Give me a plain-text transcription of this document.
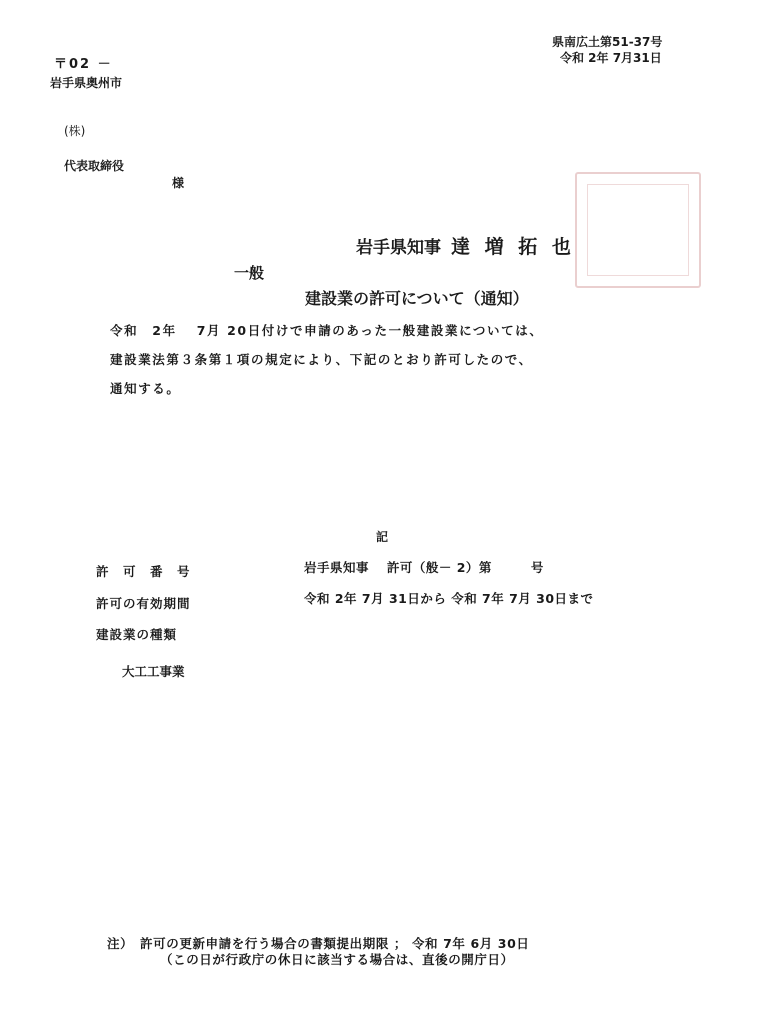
県南広土第51-37号
令和 2年 7月31日
〒02 －
岩手県奥州市
(株)
代表取締役
様
岩手県知事 達 増 拓 也
一般
建設業の許可について（通知）
令和　2年　 7月 20日付けで申請のあった一般建設業については、
建設業法第３条第１項の規定により、下記のとおり許可したので、
通知する。
記
許　可　番　号	岩手県知事　 許可（般－ 2）第　　　号
許可の有効期間	令和 2年 7月 31日から 令和 7年 7月 30日まで
建設業の種類
大工工事業
注）　許可の更新申請を行う場合の書類提出期限 ； 令和 7年 6月 30日
（この日が行政庁の休日に該当する場合は、直後の開庁日）
